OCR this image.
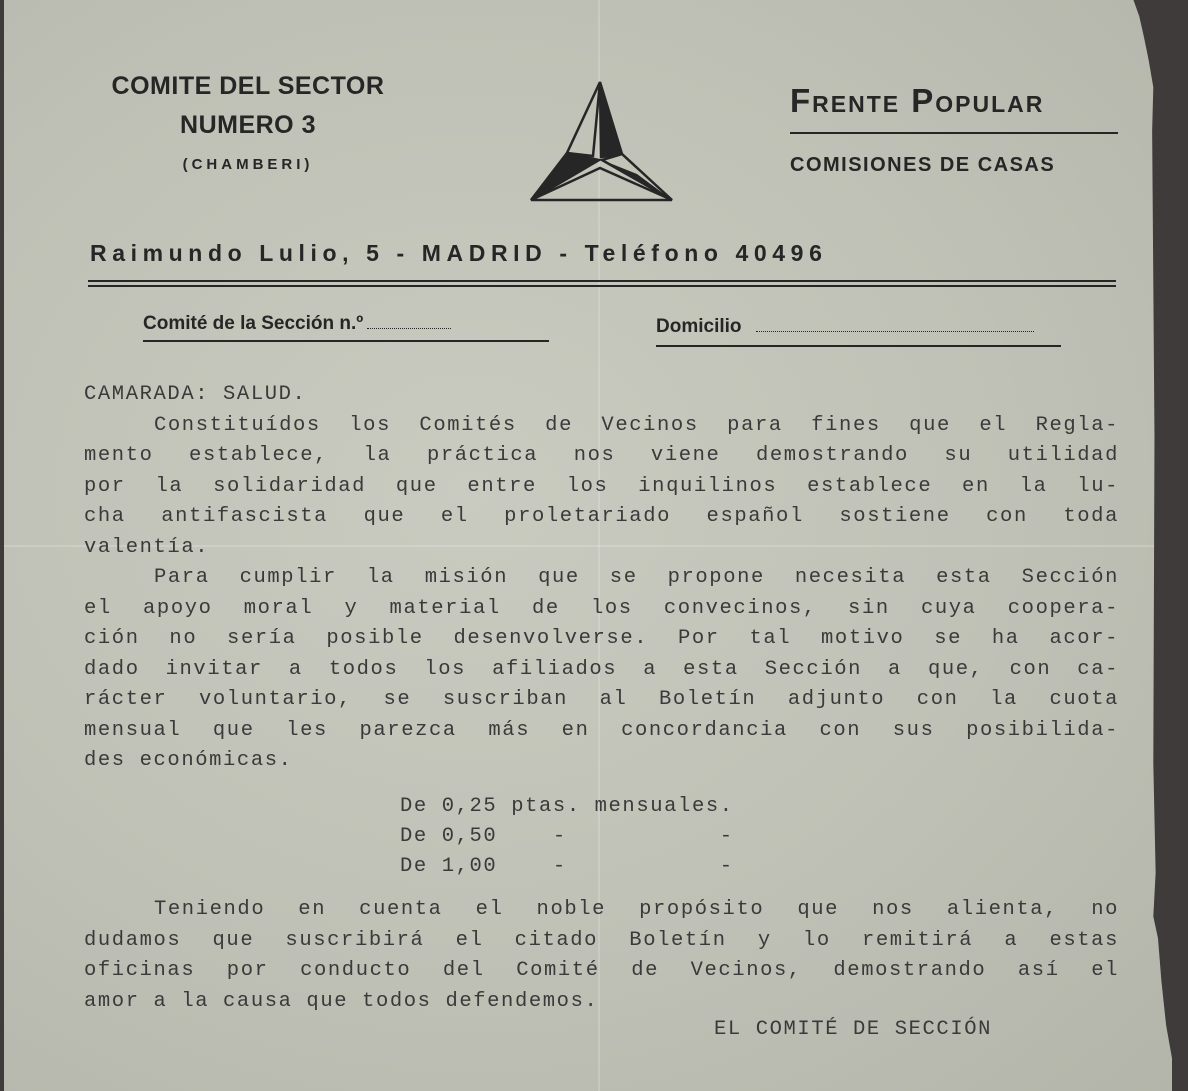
COMITE DEL SECTOR
NUMERO 3
(CHAMBERI)
Frente Popular
COMISIONES DE CASAS
Raimundo Lulio, 5 - MADRID - Teléfono 40496
Comité de la Sección n.º	Domicilio
CAMARADA: SALUD.
Constituídos los Comités de Vecinos para fines que el Regla-
mento establece, la práctica nos viene demostrando su utilidad
por la solidaridad que entre los inquilinos establece en la lu-
cha antifascista que el proletariado español sostiene con toda
valentía.
Para cumplir la misión que se propone necesita esta Sección
el apoyo moral y material de los convecinos, sin cuya coopera-
ción no sería posible desenvolverse. Por tal motivo se ha acor-
dado invitar a todos los afiliados a esta Sección a que, con ca-
rácter voluntario, se suscriban al Boletín adjunto con la cuota
mensual que les parezca más en concordancia con sus posibilida-
des económicas.
De 0,25 ptas. mensuales.
De 0,50    -           -
De 1,00    -           -
Teniendo en cuenta el noble propósito que nos alienta, no
dudamos que suscribirá el citado Boletín y lo remitirá a estas
oficinas por conducto del Comité de Vecinos, demostrando así el
amor a la causa que todos defendemos.
EL COMITÉ DE SECCIÓN
